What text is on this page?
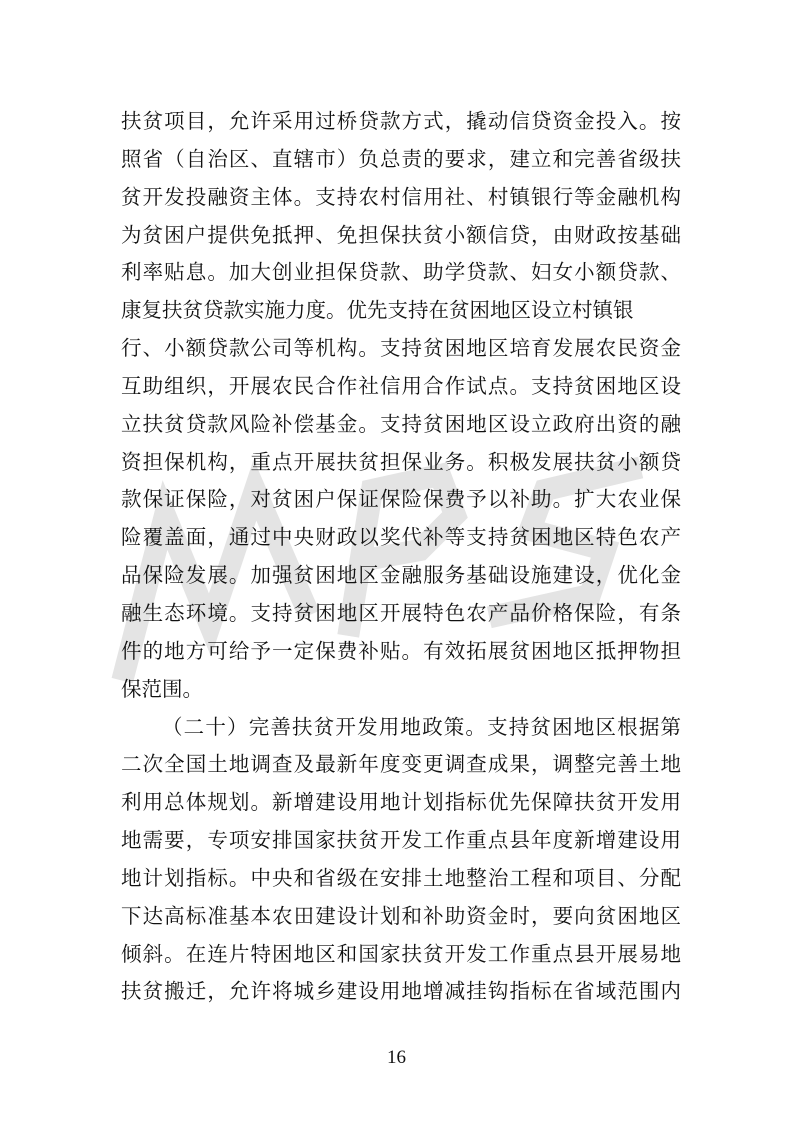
扶贫项目，允许采用过桥贷款方式，撬动信贷资金投入。按
照省（自治区、直辖市）负总责的要求，建立和完善省级扶
贫开发投融资主体。支持农村信用社、村镇银行等金融机构
为贫困户提供免抵押、免担保扶贫小额信贷，由财政按基础
利率贴息。加大创业担保贷款、助学贷款、妇女小额贷款、
康复扶贫贷款实施力度。优先支持在贫困地区设立村镇银
行、小额贷款公司等机构。支持贫困地区培育发展农民资金
互助组织，开展农民合作社信用合作试点。支持贫困地区设
立扶贫贷款风险补偿基金。支持贫困地区设立政府出资的融
资担保机构，重点开展扶贫担保业务。积极发展扶贫小额贷
款保证保险，对贫困户保证保险保费予以补助。扩大农业保
险覆盖面，通过中央财政以奖代补等支持贫困地区特色农产
品保险发展。加强贫困地区金融服务基础设施建设，优化金
融生态环境。支持贫困地区开展特色农产品价格保险，有条
件的地方可给予一定保费补贴。有效拓展贫困地区抵押物担
保范围。
（二十）完善扶贫开发用地政策。支持贫困地区根据第
二次全国土地调查及最新年度变更调查成果，调整完善土地
利用总体规划。新增建设用地计划指标优先保障扶贫开发用
地需要，专项安排国家扶贫开发工作重点县年度新增建设用
地计划指标。中央和省级在安排土地整治工程和项目、分配
下达高标准基本农田建设计划和补助资金时，要向贫困地区
倾斜。在连片特困地区和国家扶贫开发工作重点县开展易地
扶贫搬迁，允许将城乡建设用地增减挂钩指标在省域范围内
16
